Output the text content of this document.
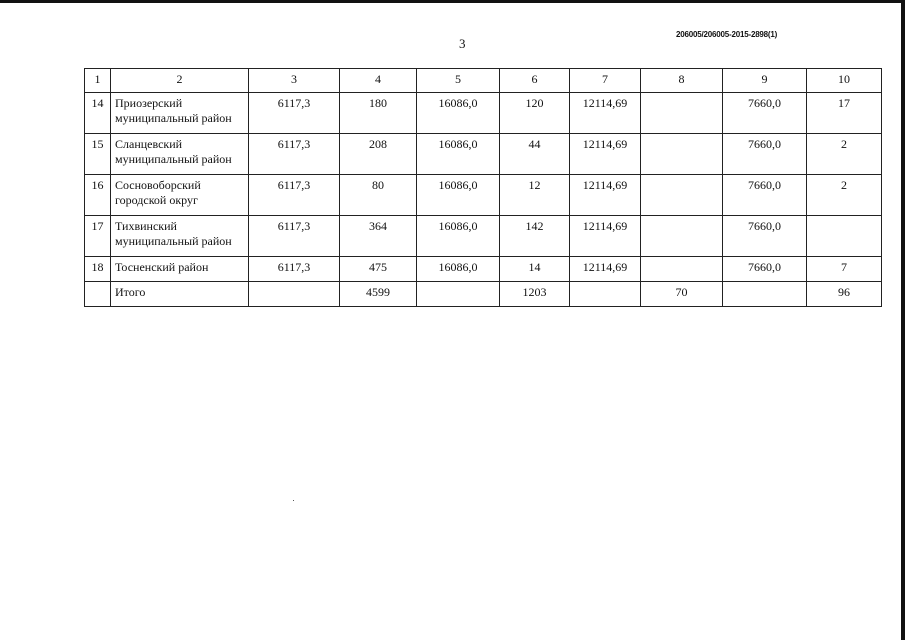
206005/206005-2015-2898(1)
3
1	2	3	4	5	6	7	8	9	10
14	Приозерский муниципальный район	6117,3	180	16086,0	120	12114,69		7660,0	17
15	Сланцевский муниципальный район	6117,3	208	16086,0	44	12114,69		7660,0	2
16	Сосновоборский городской округ	6117,3	80	16086,0	12	12114,69		7660,0	2
17	Тихвинский муниципальный район	6117,3	364	16086,0	142	12114,69		7660,0	
18	Тосненский район	6117,3	475	16086,0	14	12114,69		7660,0	7
	Итого		4599		1203		70		96
